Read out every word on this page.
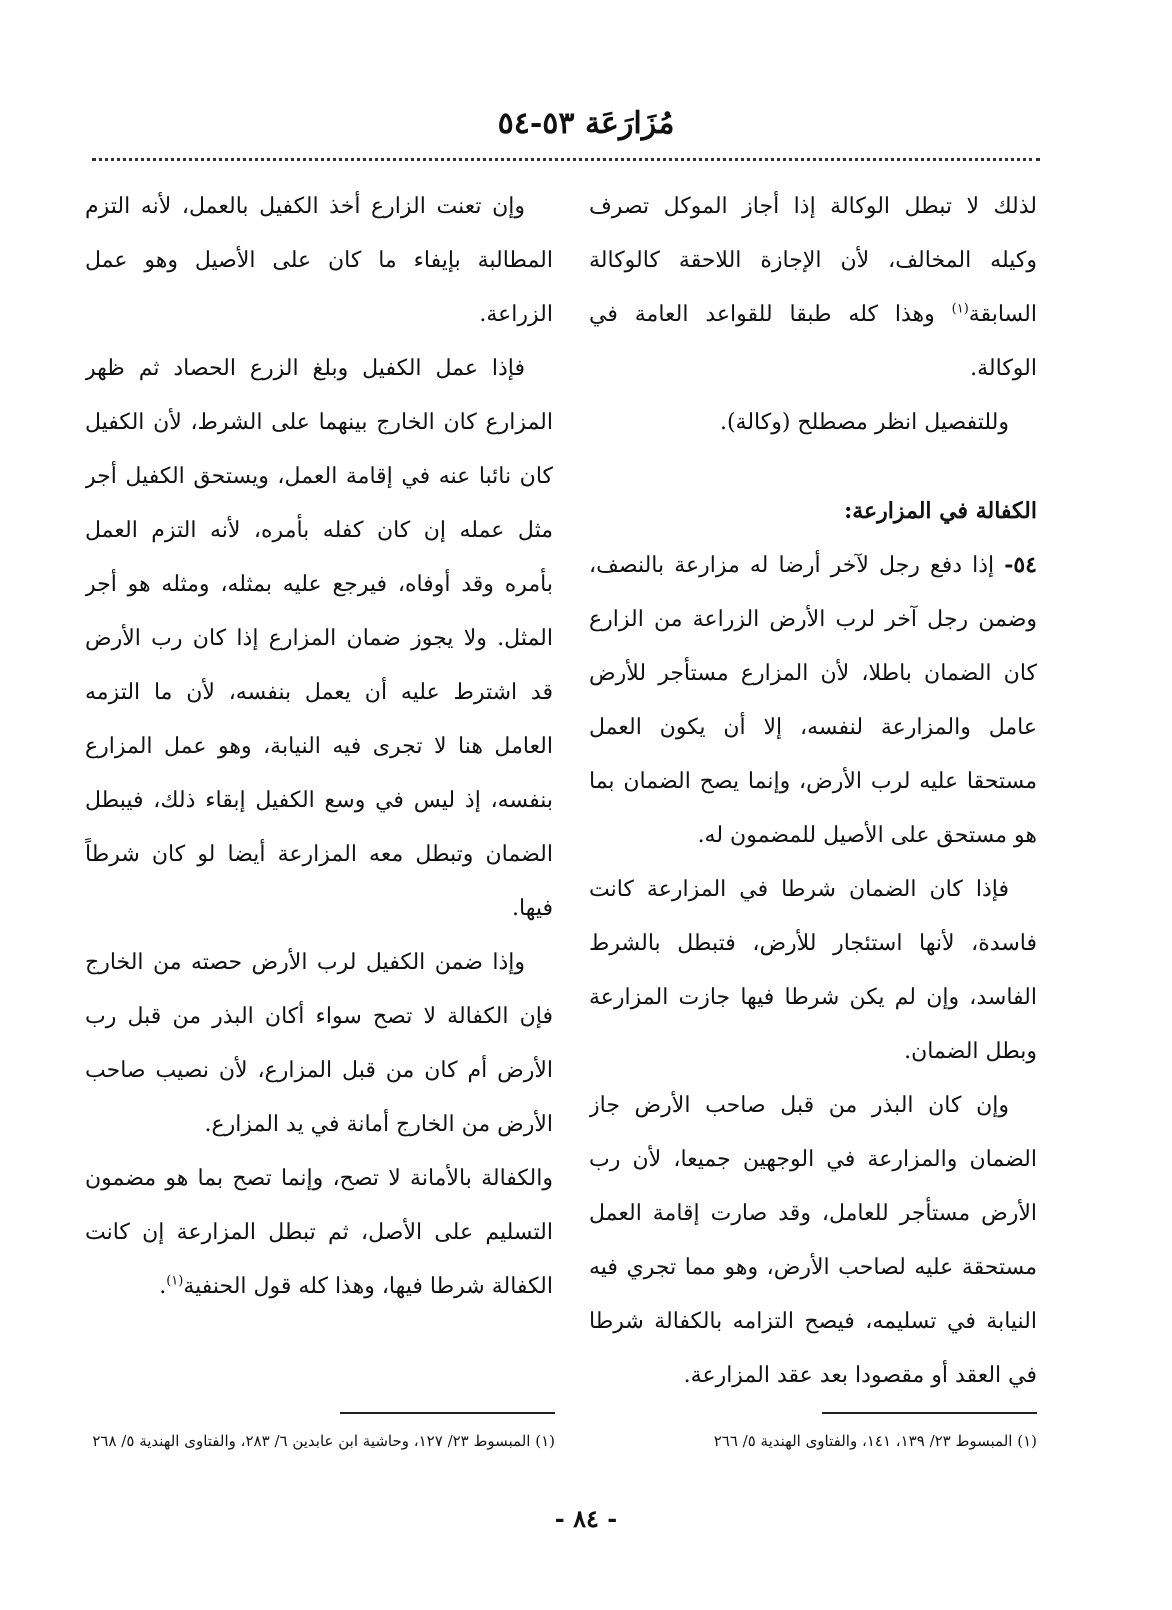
مُزَارَعَة ٥٣-٥٤

لذلك لا تبطل الوكالة إذا أجاز الموكل تصرف وكيله المخالف، لأن الإجازة اللاحقة كالوكالة السابقة$^{(١)}$ وهذا كله طبقا للقواعد العامة في الوكالة.

وللتفصيل انظر مصطلح (وكالة).

الكفالة في المزارعة:

٥٤- إذا دفع رجل لآخر أرضا له مزارعة بالنصف، وضمن رجل آخر لرب الأرض الزراعة من الزارع كان الضمان باطلا، لأن المزارع مستأجر للأرض عامل والمزارعة لنفسه، إلا أن يكون العمل مستحقا عليه لرب الأرض، وإنما يصح الضمان بما هو مستحق على الأصيل للمضمون له.

فإذا كان الضمان شرطا في المزارعة كانت فاسدة، لأنها استئجار للأرض، فتبطل بالشرط الفاسد، وإن لم يكن شرطا فيها جازت المزارعة وبطل الضمان.

وإن كان البذر من قبل صاحب الأرض جاز الضمان والمزارعة في الوجهين جميعا، لأن رب الأرض مستأجر للعامل، وقد صارت إقامة العمل مستحقة عليه لصاحب الأرض، وهو مما تجري فيه النيابة في تسليمه، فيصح التزامه بالكفالة شرطا في العقد أو مقصودا بعد عقد المزارعة.

وإن تعنت الزارع أخذ الكفيل بالعمل، لأنه التزم المطالبة بإيفاء ما كان على الأصيل وهو عمل الزراعة.

فإذا عمل الكفيل وبلغ الزرع الحصاد ثم ظهر المزارع كان الخارج بينهما على الشرط، لأن الكفيل كان نائبا عنه في إقامة العمل، ويستحق الكفيل أجر مثل عمله إن كان كفله بأمره، لأنه التزم العمل بأمره وقد أوفاه، فيرجع عليه بمثله، ومثله هو أجر المثل. ولا يجوز ضمان المزارع إذا كان رب الأرض قد اشترط عليه أن يعمل بنفسه، لأن ما التزمه العامل هنا لا تجرى فيه النيابة، وهو عمل المزارع بنفسه، إذ ليس في وسع الكفيل إبقاء ذلك، فيبطل الضمان وتبطل معه المزارعة أيضا لو كان شرطاً فيها.

وإذا ضمن الكفيل لرب الأرض حصته من الخارج فإن الكفالة لا تصح سواء أكان البذر من قبل رب الأرض أم كان من قبل المزارع، لأن نصيب صاحب الأرض من الخارج أمانة في يد المزارع.

والكفالة بالأمانة لا تصح، وإنما تصح بما هو مضمون التسليم على الأصل، ثم تبطل المزارعة إن كانت الكفالة شرطا فيها، وهذا كله قول الحنفية$^{(١)}$.

(١) المبسوط ٢٣/ ١٣٩، ١٤١، والفتاوى الهندية ٥/ ٢٦٦

(١) المبسوط ٢٣/ ١٢٧، وحاشية ابن عابدين ٦/ ٢٨٣، والفتاوى الهندية ٥/ ٢٦٨

- ٨٤ -
